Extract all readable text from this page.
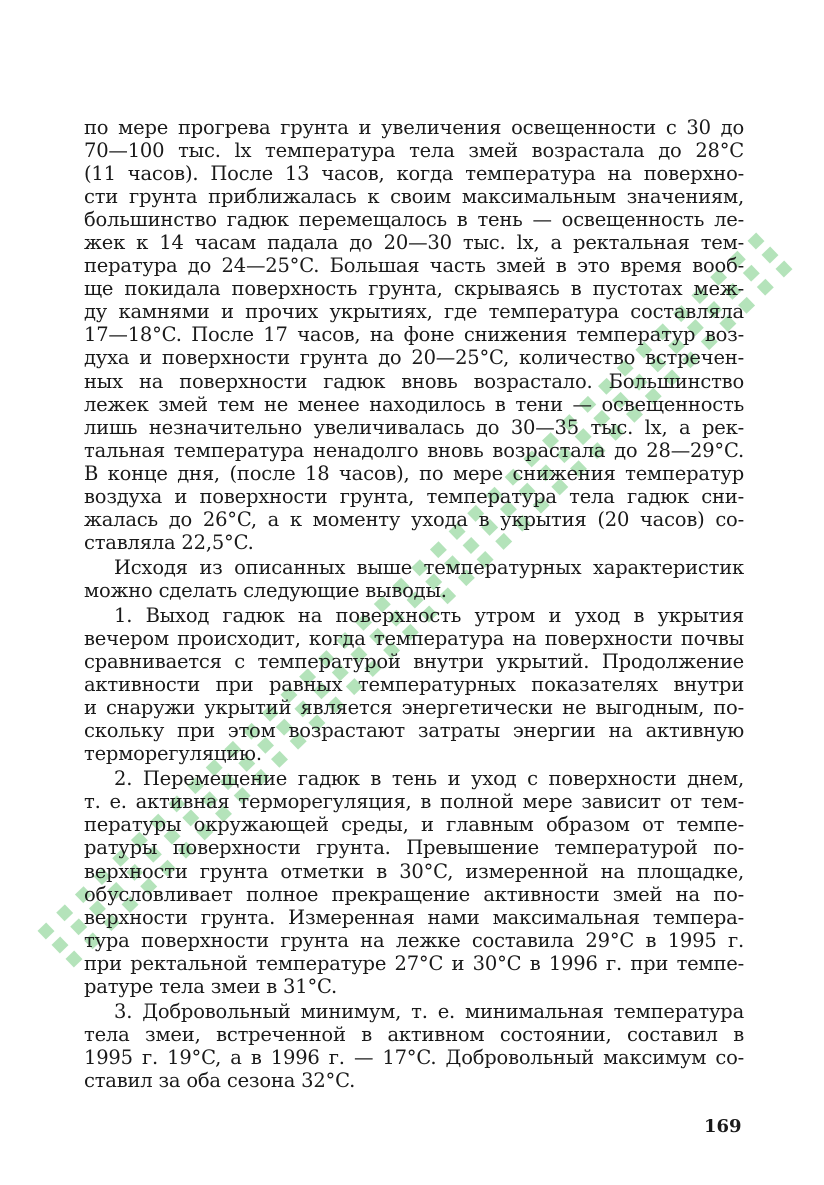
по мере прогрева грунта и увеличения освещенности с 30 до
70—100 тыс. lx температура тела змей возрастала до 28°C
(11 часов). После 13 часов, когда температура на поверхно-
сти грунта приближалась к своим максимальным значениям,
большинство гадюк перемещалось в тень — освещенность ле-
жек к 14 часам падала до 20—30 тыс. lx, а ректальная тем-
пература до 24—25°C. Большая часть змей в это время вооб-
ще покидала поверхность грунта, скрываясь в пустотах меж-
ду камнями и прочих укрытиях, где температура составляла
17—18°C. После 17 часов, на фоне снижения температур воз-
духа и поверхности грунта до 20—25°C, количество встречен-
ных на поверхности гадюк вновь возрастало. Большинство
лежек змей тем не менее находилось в тени — освещенность
лишь незначительно увеличивалась до 30—35 тыс. lx, а рек-
тальная температура ненадолго вновь возрастала до 28—29°C.
В конце дня, (после 18 часов), по мере снижения температур
воздуха и поверхности грунта, температура тела гадюк сни-
жалась до 26°C, а к моменту ухода в укрытия (20 часов) со-
ставляла 22,5°C.
Исходя из описанных выше температурных характеристик
можно сделать следующие выводы.
1. Выход гадюк на поверхность утром и уход в укрытия
вечером происходит, когда температура на поверхности почвы
сравнивается с температурой внутри укрытий. Продолжение
активности при равных температурных показателях внутри
и снаружи укрытий является энергетически не выгодным, по-
скольку при этом возрастают затраты энергии на активную
терморегуляцию.
2. Перемещение гадюк в тень и уход с поверхности днем,
т. е. активная терморегуляция, в полной мере зависит от тем-
пературы окружающей среды, и главным образом от темпе-
ратуры поверхности грунта. Превышение температурой по-
верхности грунта отметки в 30°C, измеренной на площадке,
обусловливает полное прекращение активности змей на по-
верхности грунта. Измеренная нами максимальная темпера-
тура поверхности грунта на лежке составила 29°C в 1995 г.
при ректальной температуре 27°C и 30°C в 1996 г. при темпе-
ратуре тела змеи в 31°C.
3. Добровольный минимум, т. е. минимальная температура
тела змеи, встреченной в активном состоянии, составил в
1995 г. 19°C, а в 1996 г. — 17°C. Добровольный максимум со-
ставил за оба сезона 32°C.
169
